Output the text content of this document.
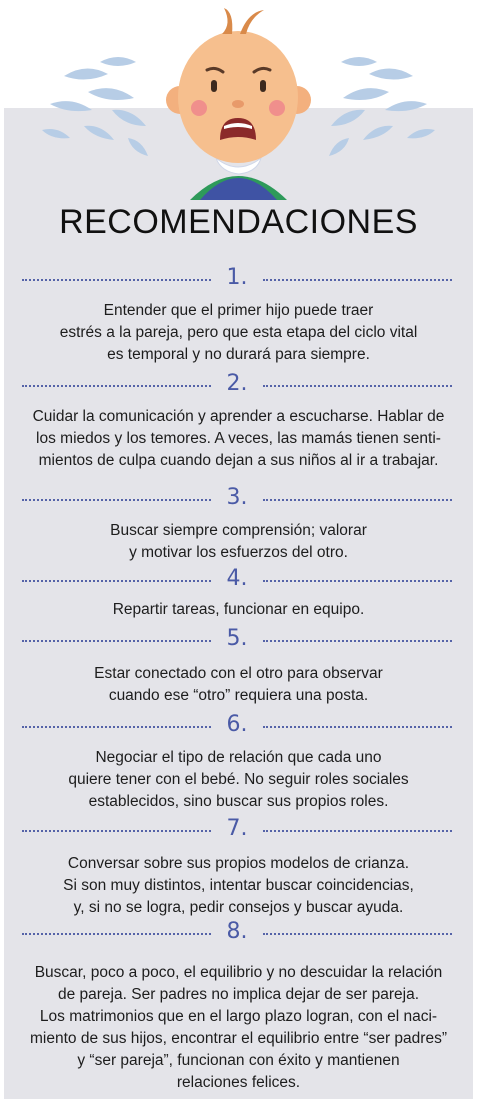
RECOMENDACIONES
1.
Entender que el primer hijo puede traer
estrés a la pareja, pero que esta etapa del ciclo vital
es temporal y no durará para siempre.
2.
Cuidar la comunicación y aprender a escucharse. Hablar de
los miedos y los temores. A veces, las mamás tienen senti-
mientos de culpa cuando dejan a sus niños al ir a trabajar.
3.
Buscar siempre comprensión; valorar
y motivar los esfuerzos del otro.
4.
Repartir tareas, funcionar en equipo.
5.
Estar conectado con el otro para observar
cuando ese “otro” requiera una posta.
6.
Negociar el tipo de relación que cada uno
quiere tener con el bebé. No seguir roles sociales
establecidos, sino buscar sus propios roles.
7.
Conversar sobre sus propios modelos de crianza.
Si son muy distintos, intentar buscar coincidencias,
y, si no se logra, pedir consejos y buscar ayuda.
8.
Buscar, poco a poco, el equilibrio y no descuidar la relación
de pareja. Ser padres no implica dejar de ser pareja.
Los matrimonios que en el largo plazo logran, con el naci-
miento de sus hijos, encontrar el equilibrio entre “ser padres”
y “ser pareja”, funcionan con éxito y mantienen
relaciones felices.
